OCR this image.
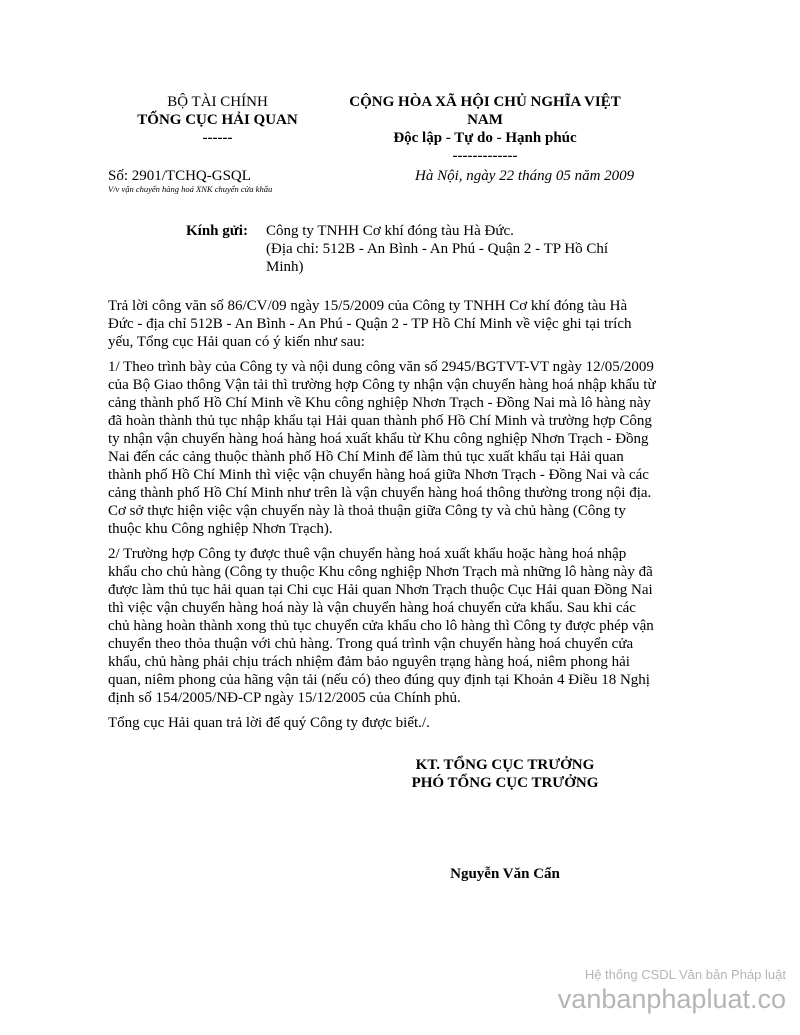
BỘ TÀI CHÍNH
TỔNG CỤC HẢI QUAN
------
CỘNG HÒA XÃ HỘI CHỦ NGHĨA VIỆT
NAM
Độc lập - Tự do - Hạnh phúc
-------------
Số: 2901/TCHQ-GSQL
V/v vận chuyển hàng hoá XNK chuyển cửa khẩu
Hà Nội, ngày 22 tháng 05 năm 2009
Kính gửi: Công ty TNHH Cơ khí đóng tàu Hà Đức.
(Địa chỉ: 512B - An Bình - An Phú - Quận 2 - TP Hồ Chí Minh)

Trả lời công văn số 86/CV/09 ngày 15/5/2009 của Công ty TNHH Cơ khí đóng tàu Hà Đức - địa chỉ 512B - An Bình - An Phú - Quận 2 - TP Hồ Chí Minh về việc ghi tại trích yếu, Tổng cục Hải quan có ý kiến như sau:

1/ Theo trình bày của Công ty và nội dung công văn số 2945/BGTVT-VT ngày 12/05/2009 của Bộ Giao thông Vận tải thì trường hợp Công ty nhận vận chuyển hàng hoá nhập khẩu từ cảng thành phố Hồ Chí Minh về Khu công nghiệp Nhơn Trạch - Đồng Nai mà lô hàng này đã hoàn thành thủ tục nhập khẩu tại Hải quan thành phố Hồ Chí Minh và trường hợp Công ty nhận vận chuyển hàng hoá hàng hoá xuất khẩu từ Khu công nghiệp Nhơn Trạch - Đồng Nai đến các cảng thuộc thành phố Hồ Chí Minh để làm thủ tục xuất khẩu tại Hải quan thành phố Hồ Chí Minh thì việc vận chuyển hàng hoá giữa Nhơn Trạch - Đồng Nai và các cảng thành phố Hồ Chí Minh như trên là vận chuyển hàng hoá thông thường trong nội địa. Cơ sở thực hiện việc vận chuyển này là thoả thuận giữa Công ty và chủ hàng (Công ty thuộc khu Công nghiệp Nhơn Trạch).

2/ Trường hợp Công ty được thuê vận chuyển hàng hoá xuất khẩu hoặc hàng hoá nhập khẩu cho chủ hàng (Công ty thuộc Khu công nghiệp Nhơn Trạch mà những lô hàng này đã được làm thủ tục hải quan tại Chi cục Hải quan Nhơn Trạch thuộc Cục Hải quan Đồng Nai thì việc vận chuyển hàng hoá này là vận chuyển hàng hoá chuyển cửa khẩu. Sau khi các chủ hàng hoàn thành xong thủ tục chuyển cửa khẩu cho lô hàng thì Công ty được phép vận chuyển theo thỏa thuận với chủ hàng. Trong quá trình vận chuyển hàng hoá chuyển cửa khẩu, chủ hàng phải chịu trách nhiệm đảm bảo nguyên trạng hàng hoá, niêm phong hải quan, niêm phong của hãng vận tải (nếu có) theo đúng quy định tại Khoản 4 Điều 18 Nghị định số 154/2005/NĐ-CP ngày 15/12/2005 của Chính phủ.

Tổng cục Hải quan trả lời để quý Công ty được biết./.

KT. TỔNG CỤC TRƯỞNG
PHÓ TỔNG CỤC TRƯỞNG
Nguyễn Văn Cẩn
Hệ thống CSDL Văn bản Pháp luật
vanbanphapluat.co
